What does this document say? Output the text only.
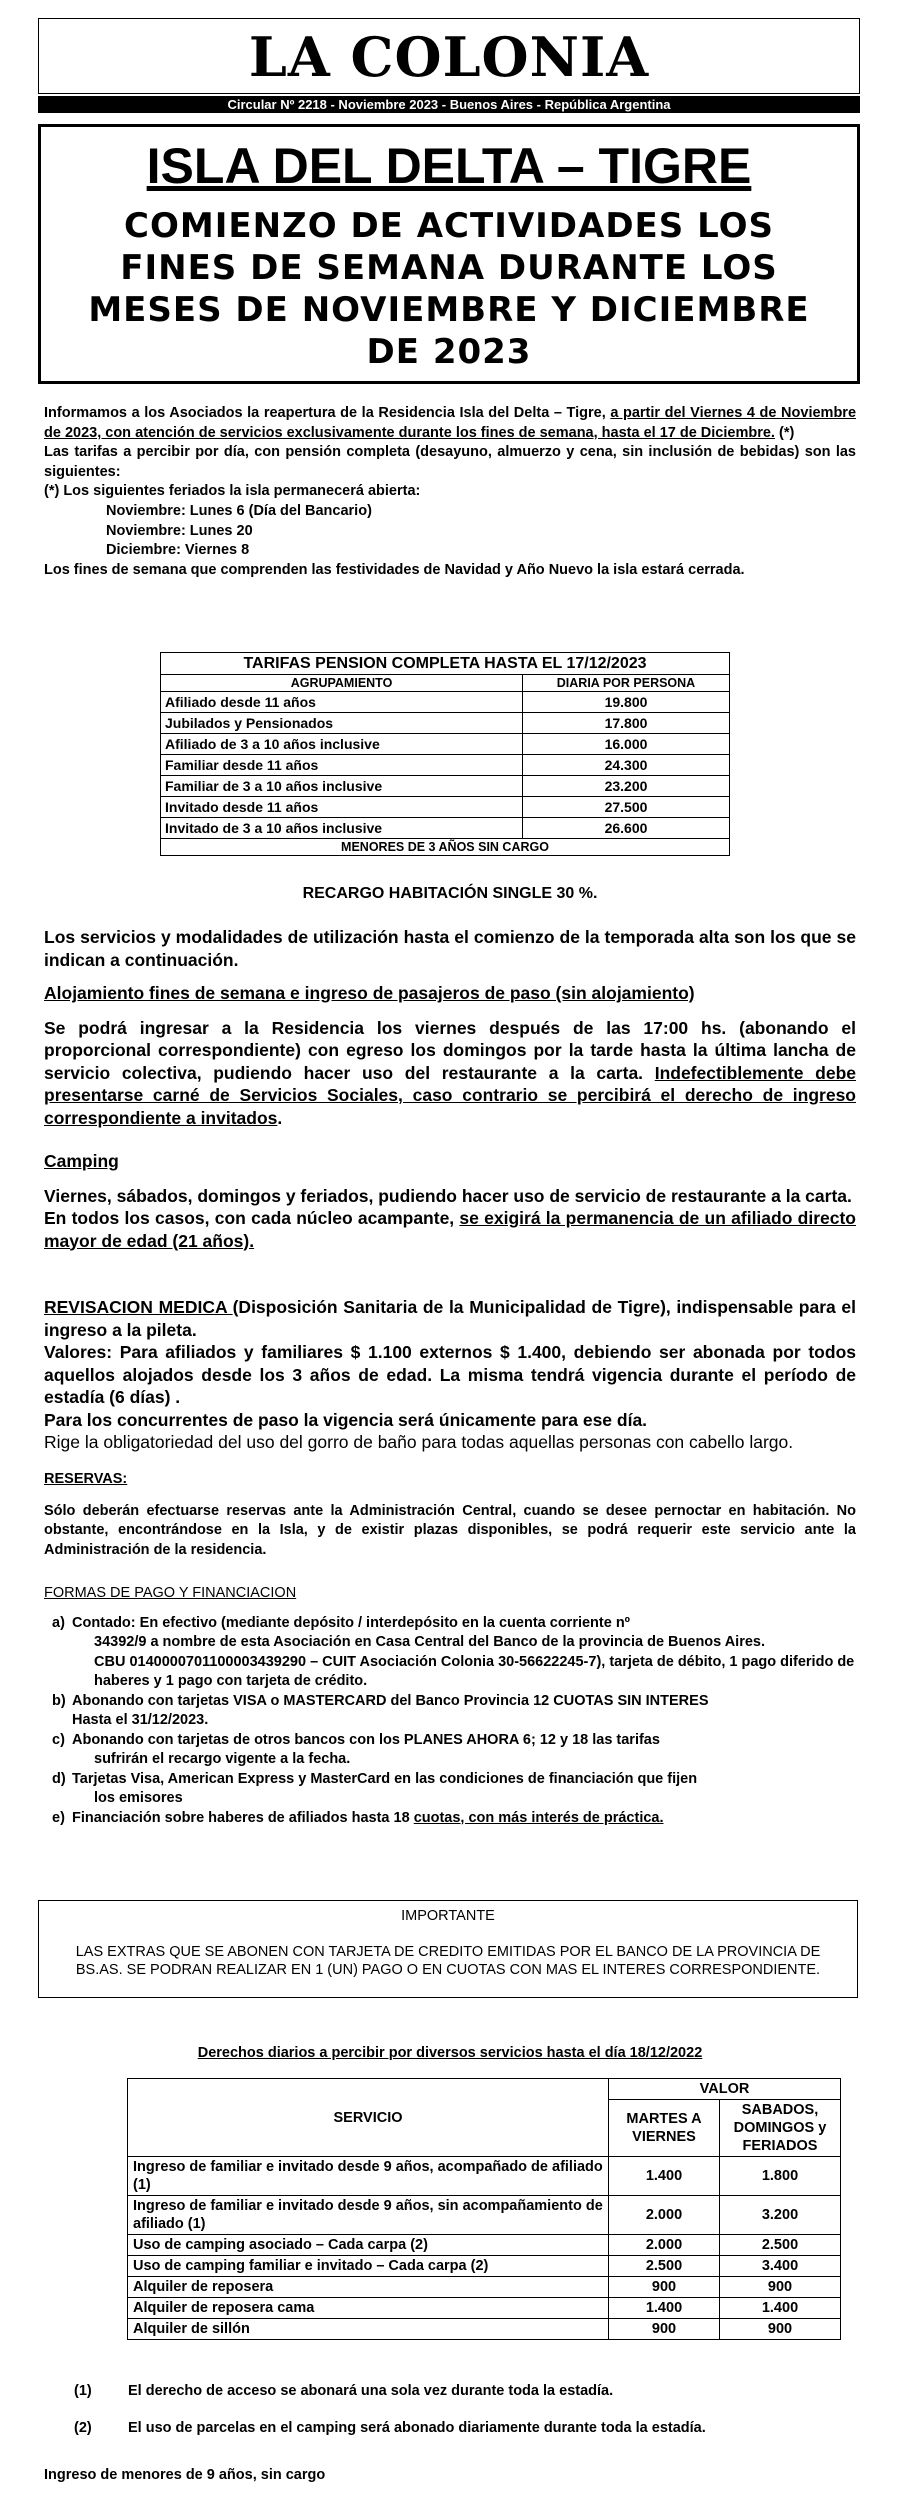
LA COLONIA
Circular Nº 2218 - Noviembre 2023 - Buenos Aires - República Argentina
ISLA DEL DELTA – TIGRE
COMIENZO DE ACTIVIDADES LOS FINES DE SEMANA DURANTE LOS MESES DE NOVIEMBRE Y DICIEMBRE DE 2023

Informamos a los Asociados la reapertura de la Residencia Isla del Delta – Tigre, a partir del Viernes 4 de Noviembre de 2023, con atención de servicios exclusivamente durante los fines de semana, hasta el 17 de Diciembre. (*)

Las tarifas a percibir por día, con pensión completa (desayuno, almuerzo y cena, sin inclusión de bebidas) son las siguientes:

(*) Los siguientes feriados la isla permanecerá abierta:

Noviembre: Lunes 6 (Día del Bancario)

Noviembre: Lunes 20

Diciembre: Viernes 8

Los fines de semana que comprenden las festividades de Navidad y Año Nuevo la isla estará cerrada.

TARIFAS PENSION COMPLETA HASTA EL 17/12/2023	
AGRUPAMIENTO	DIARIA POR PERSONA
Afiliado desde 11 años	19.800
Jubilados y Pensionados	17.800
Afiliado de 3 a 10 años inclusive	16.000
Familiar desde 11 años	24.300
Familiar de 3 a 10 años inclusive	23.200
Invitado desde 11 años	27.500
Invitado de 3 a 10 años inclusive	26.600
MENORES DE 3 AÑOS SIN CARGO	
RECARGO HABITACIÓN SINGLE 30 %.

Los servicios y modalidades de utilización hasta el comienzo de la temporada alta son los que se indican a continuación.

Alojamiento fines de semana e ingreso de pasajeros de paso (sin alojamiento)

Se podrá ingresar a la Residencia los viernes después de las 17:00 hs. (abonando el proporcional correspondiente) con egreso los domingos por la tarde hasta la última lancha de servicio colectiva, pudiendo hacer uso del restaurante a la carta. Indefectiblemente debe presentarse carné de Servicios Sociales, caso contrario se percibirá el derecho de ingreso correspondiente a invitados.

Camping

Viernes, sábados, domingos y feriados, pudiendo hacer uso de servicio de restaurante a la carta.

En todos los casos, con cada núcleo acampante, se exigirá la permanencia de un afiliado directo mayor de edad (21 años).

REVISACION MEDICA (Disposición Sanitaria de la Municipalidad de Tigre), indispensable para el ingreso a la pileta.

Valores: Para afiliados y familiares $ 1.100 externos $ 1.400, debiendo ser abonada por todos aquellos alojados desde los 3 años de edad. La misma tendrá vigencia durante el período de estadía (6 días) .

Para los concurrentes de paso la vigencia será únicamente para ese día.

Rige la obligatoriedad del uso del gorro de baño para todas aquellas personas con cabello largo.

RESERVAS:

Sólo deberán efectuarse reservas ante la Administración Central, cuando se desee pernoctar en habitación. No obstante, encontrándose en la Isla, y de existir plazas disponibles, se podrá requerir este servicio ante la Administración de la residencia.

FORMAS DE PAGO Y FINANCIACION

a) Contado: En efectivo (mediante depósito / interdepósito en la cuenta corriente nº
34392/9 a nombre de esta Asociación en Casa Central del Banco de la provincia de Buenos Aires.
CBU 0140000701100003439290 – CUIT Asociación Colonia 30-56622245-7), tarjeta de débito, 1 pago diferido de haberes y 1 pago con tarjeta de crédito.
b) Abonando con tarjetas VISA o MASTERCARD del Banco Provincia 12 CUOTAS SIN INTERES
Hasta el 31/12/2023.
c) Abonando con tarjetas de otros bancos con los PLANES AHORA 6; 12 y 18 las tarifas
sufrirán el recargo vigente a la fecha.
d) Tarjetas Visa, American Express y MasterCard en las condiciones de financiación que fijen
los emisores
e) Financiación sobre haberes de afiliados hasta 18 cuotas, con más interés de práctica.
IMPORTANTE
LAS EXTRAS QUE SE ABONEN CON TARJETA DE CREDITO EMITIDAS POR EL BANCO DE LA PROVINCIA DE BS.AS. SE PODRAN REALIZAR EN 1 (UN) PAGO O EN CUOTAS CON MAS EL INTERES CORRESPONDIENTE.
Derechos diarios a percibir por diversos servicios hasta el día 18/12/2022
SERVICIO	VALOR	
	MARTES A VIERNES	SABADOS, DOMINGOS y FERIADOS
Ingreso de familiar e invitado desde 9 años, acompañado de afiliado (1)	1.400	1.800
Ingreso de familiar e invitado desde 9 años, sin acompañamiento de afiliado (1)	2.000	3.200
Uso de camping asociado – Cada carpa (2)	2.000	2.500
Uso de camping familiar e invitado – Cada carpa (2)	2.500	3.400
Alquiler de reposera	900	900
Alquiler de reposera cama	1.400	1.400
Alquiler de sillón	900	900
(1)	El derecho de acceso se abonará una sola vez durante toda la estadía.
(2)	El uso de parcelas en el camping será abonado diariamente durante toda la estadía.
Ingreso de menores de 9 años, sin cargo
